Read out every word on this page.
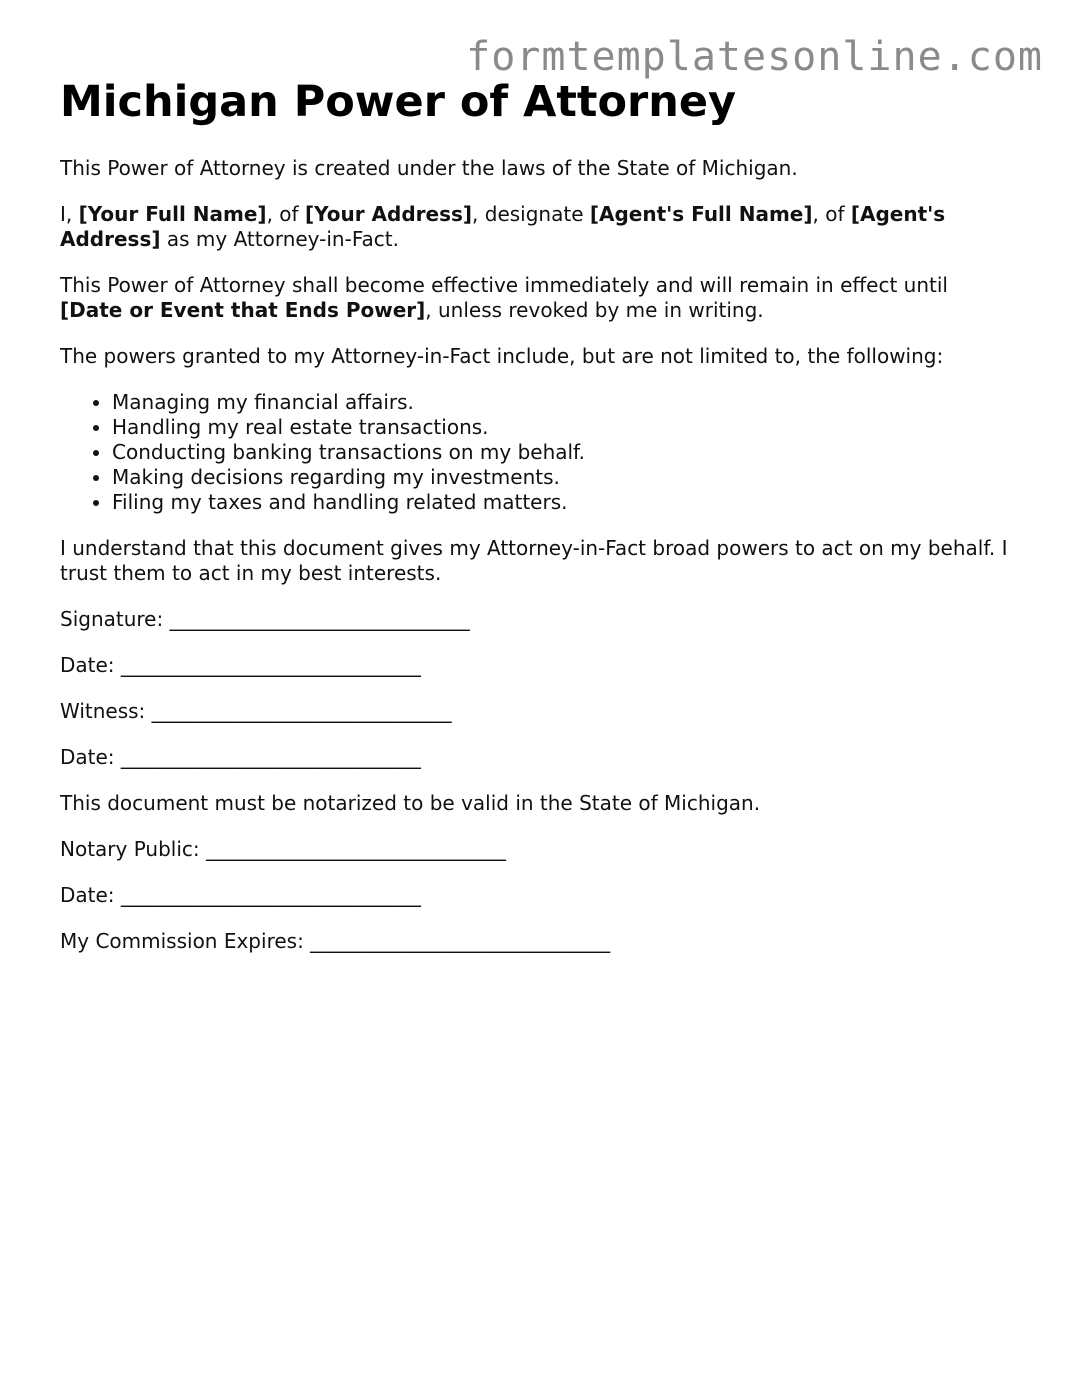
formtemplatesonline.com
Michigan Power of Attorney

This Power of Attorney is created under the laws of the State of Michigan.

I, [Your Full Name], of [Your Address], designate [Agent's Full Name], of [Agent's Address] as my Attorney-in-Fact.

This Power of Attorney shall become effective immediately and will remain in effect until [Date or Event that Ends Power], unless revoked by me in writing.

The powers granted to my Attorney-in-Fact include, but are not limited to, the following:

• Managing my financial affairs.
• Handling my real estate transactions.
• Conducting banking transactions on my behalf.
• Making decisions regarding my investments.
• Filing my taxes and handling related matters.

I understand that this document gives my Attorney-in-Fact broad powers to act on my behalf. I trust them to act in my best interests.

Signature: ______________________________

Date: ______________________________

Witness: ______________________________

Date: ______________________________

This document must be notarized to be valid in the State of Michigan.

Notary Public: ______________________________

Date: ______________________________

My Commission Expires: ______________________________
